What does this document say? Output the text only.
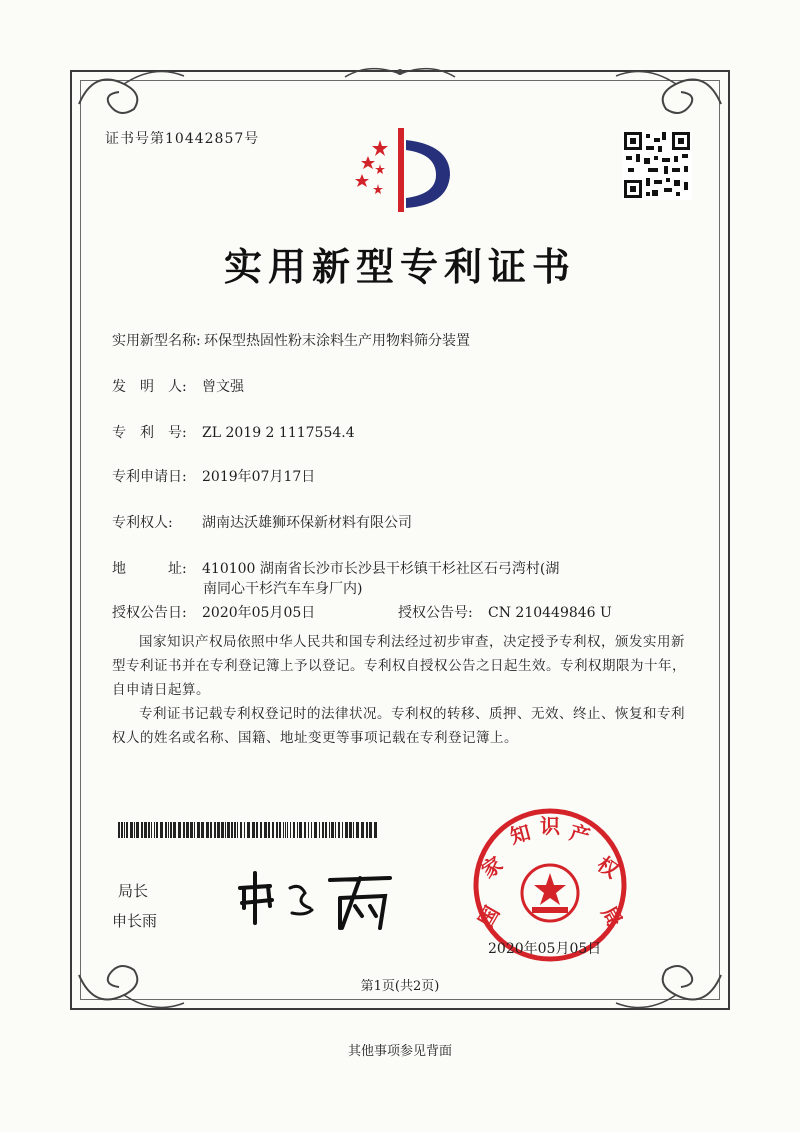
证书号第10442857号
实用新型专利证书
实用新型名称: 环保型热固性粉末涂料生产用物料筛分装置
发　明　人: 曾文强
专　利　号: ZL 2019 2 1117554.4
专利申请日: 2019年07月17日
专利权人: 湖南达沃雄狮环保新材料有限公司
地　　　址: 410100 湖南省长沙市长沙县干杉镇干杉社区石弓湾村(湖
南同心干杉汽车车身厂内)
授权公告日: 2020年05月05日	授权公告号: CN 210449846 U
国家知识产权局依照中华人民共和国专利法经过初步审查，决定授予专利权，颁发实用新型专利证书并在专利登记簿上予以登记。专利权自授权公告之日起生效。专利权期限为十年，自申请日起算。
专利证书记载专利权登记时的法律状况。专利权的转移、质押、无效、终止、恢复和专利权人的姓名或名称、国籍、地址变更等事项记载在专利登记簿上。
局长
申长雨	国
家
知 识 产
权
局
2020年05月05日
第1页(共2页)
其他事项参见背面
